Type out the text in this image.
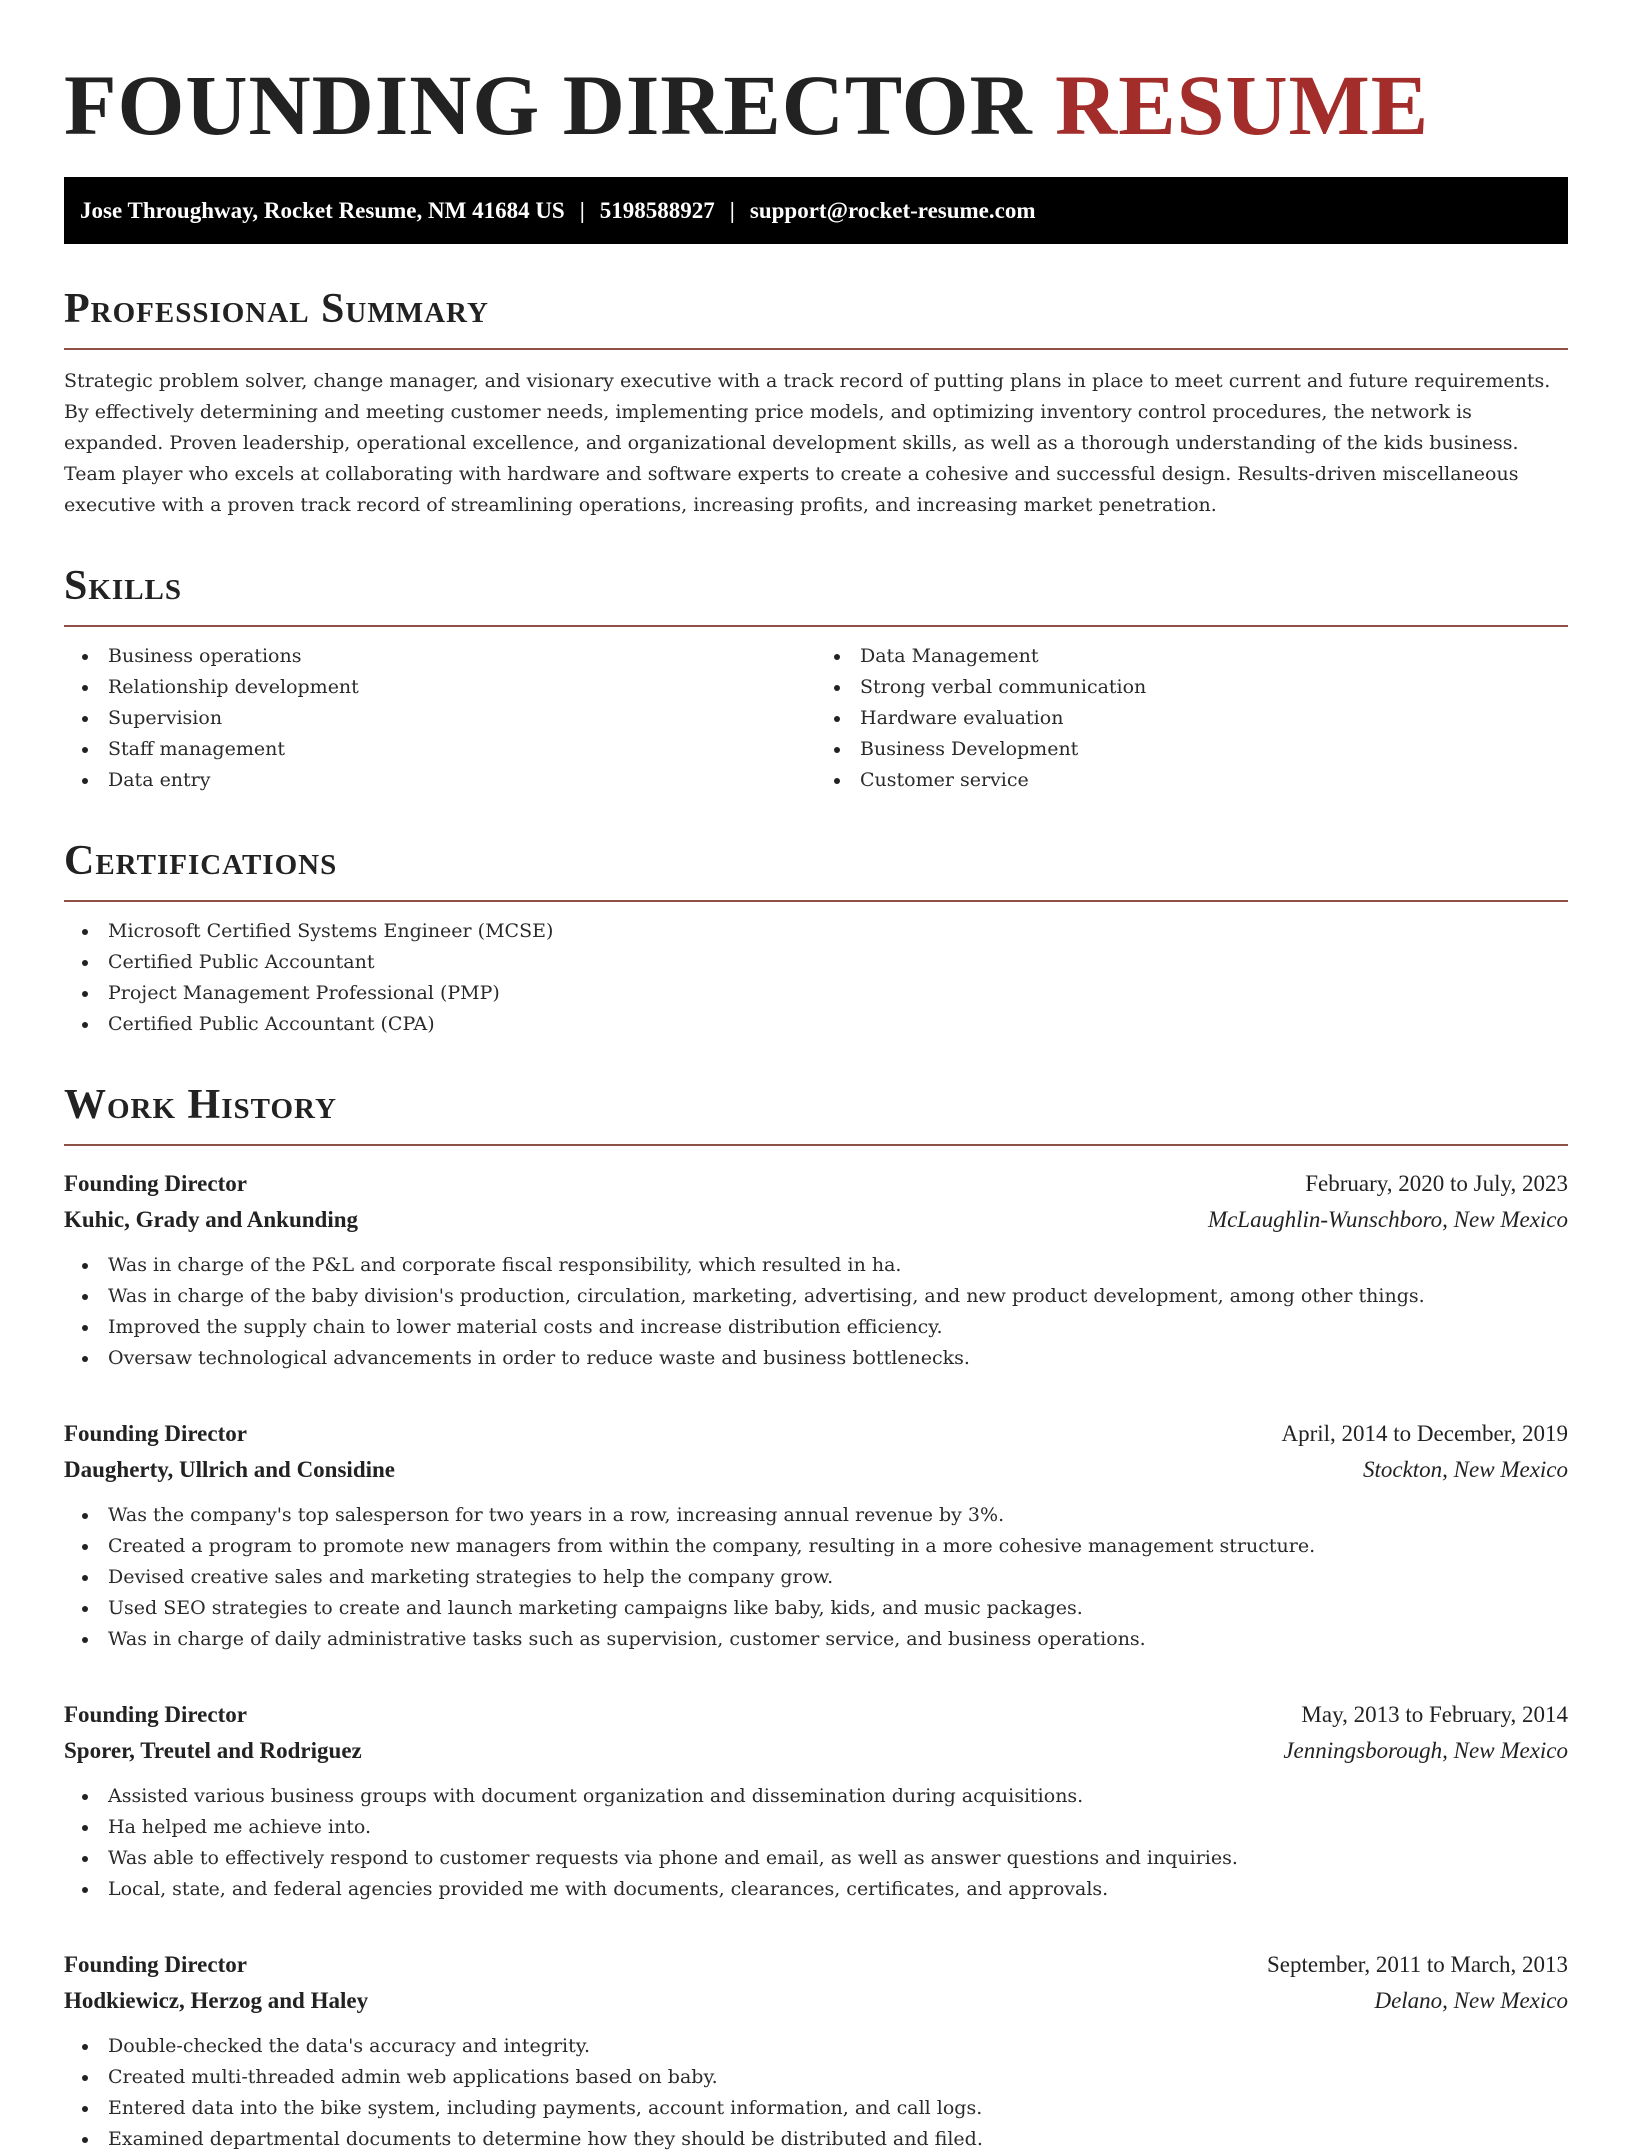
FOUNDING DIRECTOR RESUME
Jose Throughway, Rocket Resume, NM 41684 US | 5198588927 | support@rocket-resume.com
Professional Summary

Strategic problem solver, change manager, and visionary executive with a track record of putting plans in place to meet current and future requirements. By effectively determining and meeting customer needs, implementing price models, and optimizing inventory control procedures, the network is expanded. Proven leadership, operational excellence, and organizational development skills, as well as a thorough understanding of the kids business. Team player who excels at collaborating with hardware and software experts to create a cohesive and successful design. Results-driven miscellaneous executive with a proven track record of streamlining operations, increasing profits, and increasing market penetration.

Skills
Business operations
Relationship development
Supervision
Staff management
Data entry
Data Management
Strong verbal communication
Hardware evaluation
Business Development
Customer service
Certifications
Microsoft Certified Systems Engineer (MCSE)
Certified Public Accountant
Project Management Professional (PMP)
Certified Public Accountant (CPA)
Work History
Founding Director	February, 2020 to July, 2023
Kuhic, Grady and Ankunding	McLaughlin-Wunschboro, New Mexico
Was in charge of the P&L and corporate fiscal responsibility, which resulted in ha.
Was in charge of the baby division's production, circulation, marketing, advertising, and new product development, among other things.
Improved the supply chain to lower material costs and increase distribution efficiency.
Oversaw technological advancements in order to reduce waste and business bottlenecks.
Founding Director	April, 2014 to December, 2019
Daugherty, Ullrich and Considine	Stockton, New Mexico
Was the company's top salesperson for two years in a row, increasing annual revenue by 3%.
Created a program to promote new managers from within the company, resulting in a more cohesive management structure.
Devised creative sales and marketing strategies to help the company grow.
Used SEO strategies to create and launch marketing campaigns like baby, kids, and music packages.
Was in charge of daily administrative tasks such as supervision, customer service, and business operations.
Founding Director	May, 2013 to February, 2014
Sporer, Treutel and Rodriguez	Jenningsborough, New Mexico
Assisted various business groups with document organization and dissemination during acquisitions.
Ha helped me achieve into.
Was able to effectively respond to customer requests via phone and email, as well as answer questions and inquiries.
Local, state, and federal agencies provided me with documents, clearances, certificates, and approvals.
Founding Director	September, 2011 to March, 2013
Hodkiewicz, Herzog and Haley	Delano, New Mexico
Double-checked the data's accuracy and integrity.
Created multi-threaded admin web applications based on baby.
Entered data into the bike system, including payments, account information, and call logs.
Examined departmental documents to determine how they should be distributed and filed.
